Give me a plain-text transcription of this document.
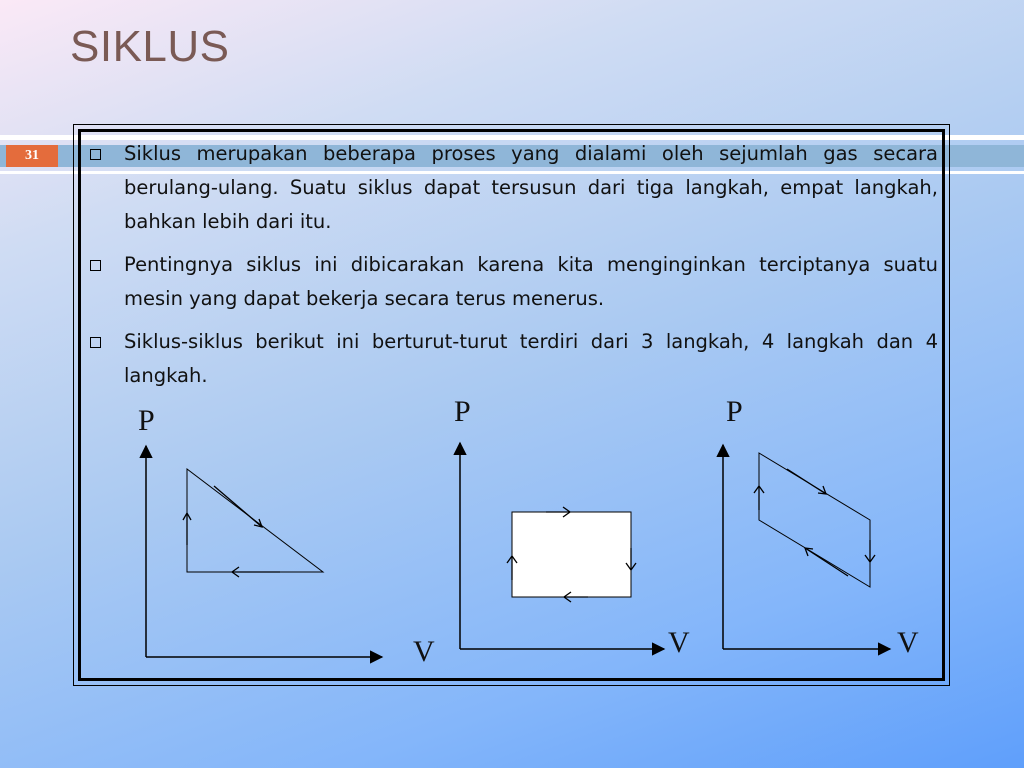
SIKLUS
31	Siklus merupakan beberapa proses yang dialami oleh sejumlah gas secara berulang-ulang. Suatu siklus dapat tersusun dari tiga langkah, empat langkah, bahkan lebih dari itu.
Pentingnya siklus ini dibicarakan karena kita menginginkan terciptanya suatu mesin yang dapat bekerja secara terus menerus.
Siklus-siklus berikut ini berturut-turut terdiri dari 3 langkah, 4 langkah dan 4 langkah.
P
V
P
V
P
V
